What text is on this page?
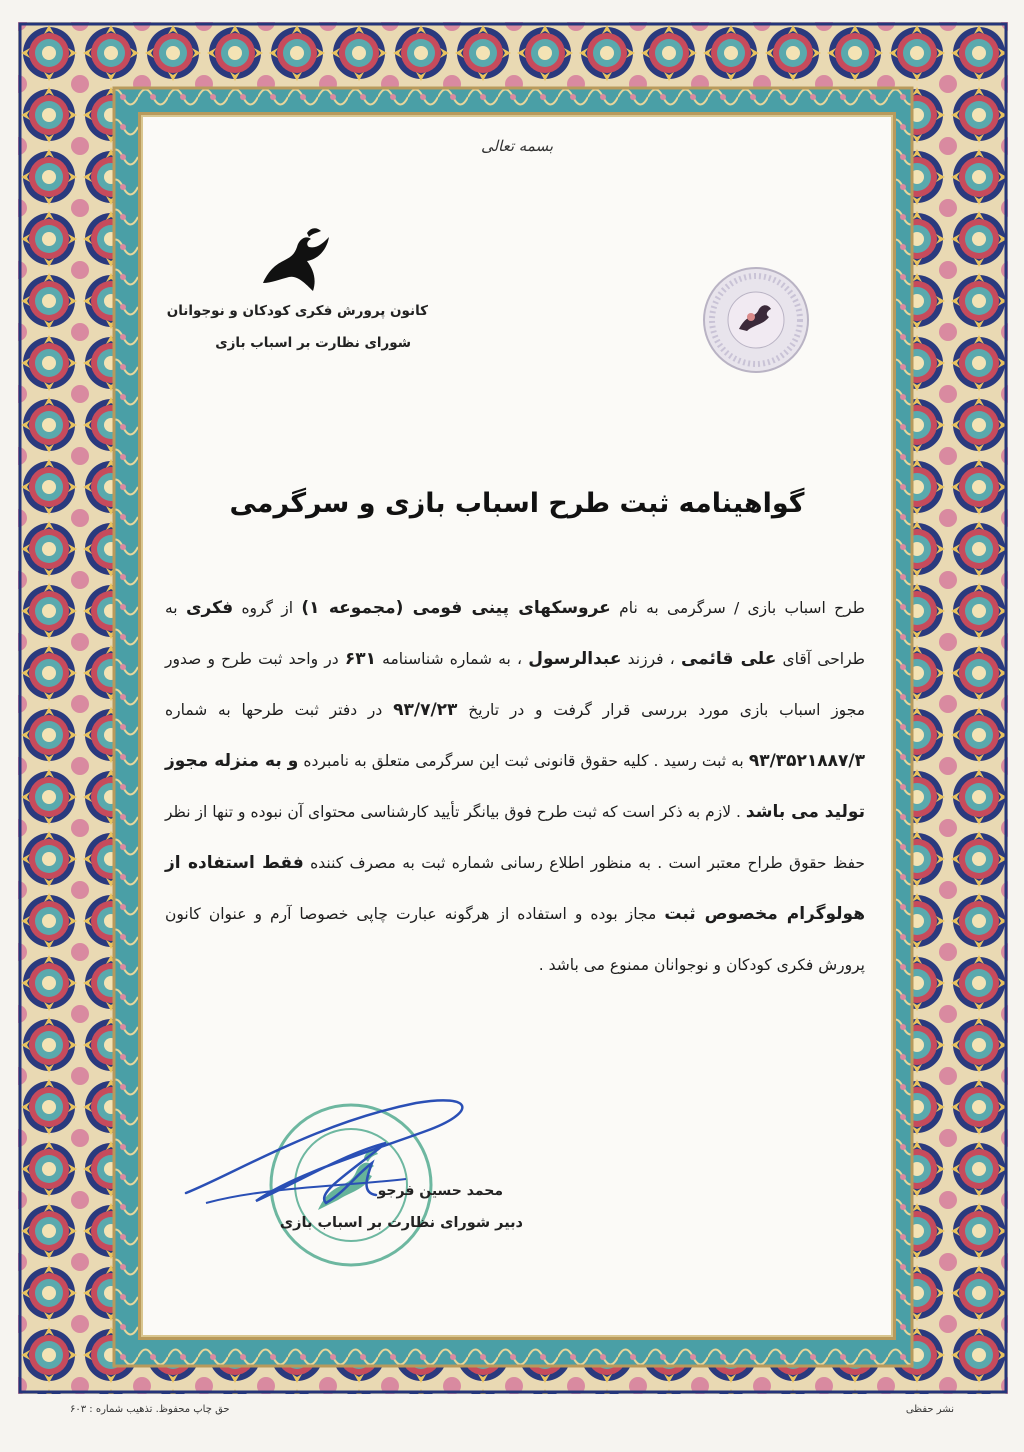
بسمه تعالی
کانون پرورش فکری کودکان و نوجوانان
شورای نظارت بر اسباب بازی
گواهینامه ثبت طرح اسباب بازی و سرگرمی
طرح اسباب بازی / سرگرمی به نام عروسکهای پینی فومی (مجموعه ۱) از گروه فکری به طراحی آقای علی قائمی ، فرزند عبدالرسول ، به شماره شناسنامه ۶۳۱ در واحد ثبت طرح و صدور مجوز اسباب بازی مورد بررسی قرار گرفت و در تاریخ ۹۳/۷/۲۳ در دفتر ثبت طرحها به شماره ۹۳/۳۵۲۱۸۸۷/۳ به ثبت رسید . کلیه حقوق قانونی ثبت این سرگرمی متعلق به نامبرده و به منزله مجوز تولید می باشد . لازم به ذکر است که ثبت طرح فوق بیانگر تأیید کارشناسی محتوای آن نبوده و تنها از نظر حفظ حقوق طراح معتبر است . به منظور اطلاع رسانی شماره ثبت به مصرف کننده فقط استفاده از هولوگرام مخصوص ثبت مجاز بوده و استفاده از هرگونه عبارت چاپی خصوصا آرم و عنوان کانون پرورش فکری کودکان و نوجوانان ممنوع می باشد .
محمد حسین فرجو
دبیر شورای نظارت بر اسباب بازی
حق چاپ محفوظ. تذهیب شماره : ۶۰۳	نشر حفظی
